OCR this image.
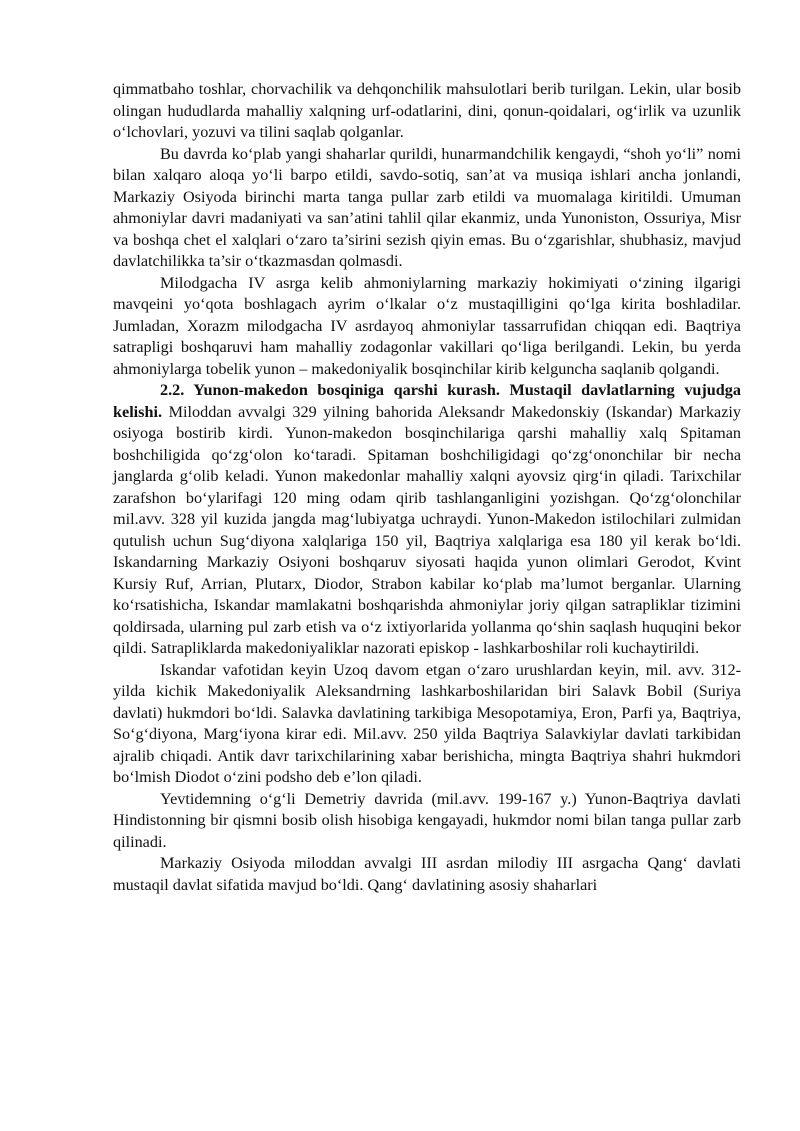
qimmatbaho toshlar, chorvachilik va dehqonchilik mahsulotlari berib turilgan. Lekin, ular bosib olingan hududlarda mahalliy xalqning urf-odatlarini, dini, qonun-qoidalari, og‘irlik va uzunlik o‘lchovlari, yozuvi va tilini saqlab qolganlar.

Bu davrda ko‘plab yangi shaharlar qurildi, hunarmandchilik kengaydi, “shoh yo‘li” nomi bilan xalqaro aloqa yo‘li barpo etildi, savdo-sotiq, san’at va musiqa ishlari ancha jonlandi, Markaziy Osiyoda birinchi marta tanga pullar zarb etildi va muomalaga kiritildi. Umuman ahmoniylar davri madaniyati va san’atini tahlil qilar ekanmiz, unda Yunoniston, Ossuriya, Misr va boshqa chet el xalqlari o‘zaro ta’sirini sezish qiyin emas. Bu o‘zgarishlar, shubhasiz, mavjud davlatchilikka ta’sir o‘tkazmasdan qolmasdi.

Milodgacha IV asrga kelib ahmoniylarning markaziy hokimiyati o‘zining ilgarigi mavqeini yo‘qota boshlagach ayrim o‘lkalar o‘z mustaqilligini qo‘lga kirita boshladilar. Jumladan, Xorazm milodgacha IV asrdayoq ahmoniylar tassarrufidan chiqqan edi. Baqtriya satrapligi boshqaruvi ham mahalliy zodagonlar vakillari qo‘liga berilgandi. Lekin, bu yerda ahmoniylarga tobelik yunon – makedoniyalik bosqinchilar kirib kelguncha saqlanib qolgandi.

2.2. Yunon-makedon bosqiniga qarshi kurash. Mustaqil davlatlarning vujudga kelishi. Miloddan avvalgi 329 yilning bahorida Aleksandr Makedonskiy (Iskandar) Markaziy osiyoga bostirib kirdi. Yunon-makedon bosqinchilariga qarshi mahalliy xalq Spitaman boshchiligida qo‘zg‘olon ko‘taradi. Spitaman boshchiligidagi qo‘zg‘ononchilar bir necha janglarda g‘olib keladi. Yunon makedonlar mahalliy xalqni ayovsiz qirg‘in qiladi. Tarixchilar zarafshon bo‘ylarifagi 120 ming odam qirib tashlanganligini yozishgan. Qo‘zg‘olonchilar mil.avv. 328 yil kuzida jangda mag‘lubiyatga uchraydi. Yunon-Makedon istilochilari zulmidan qutulish uchun Sug‘diyona xalqlariga 150 yil, Baqtriya xalqlariga esa 180 yil kerak bo‘ldi. Iskandarning Markaziy Osiyoni boshqaruv siyosati haqida yunon olimlari Gerodot, Kvint Kursiy Ruf, Arrian, Plutarx, Diodor, Strabon kabilar ko‘plab ma’lumot berganlar. Ularning ko‘rsatishicha, Iskandar mamlakatni boshqarishda ahmoniylar joriy qilgan satrapliklar tizimini qoldirsada, ularning pul zarb etish va o‘z ixtiyorlarida yollanma qo‘shin saqlash huquqini bekor qildi. Satrapliklarda makedoniyaliklar nazorati episkop - lashkarboshilar roli kuchaytirildi.

Iskandar vafotidan keyin Uzoq davom etgan o‘zaro urushlardan keyin, mil. avv. 312-yilda kichik Makedoniyalik Aleksandrning lashkarboshilaridan biri Salavk Bobil (Suriya davlati) hukmdori bo‘ldi. Salavka davlatining tarkibiga Mesopotamiya, Eron, Parfi ya, Baqtriya, So‘g‘diyona, Marg‘iyona kirar edi. Mil.avv. 250 yilda Baqtriya Salavkiylar davlati tarkibidan ajralib chiqadi. Antik davr tarixchilarining xabar berishicha, mingta Baqtriya shahri hukmdori bo‘lmish Diodot o‘zini podsho deb e’lon qiladi.

Yevtidemning o‘g‘li Demetriy davrida (mil.avv. 199-167 y.) Yunon-Baqtriya davlati Hindistonning bir qismni bosib olish hisobiga kengayadi, hukmdor nomi bilan tanga pullar zarb qilinadi.

Markaziy Osiyoda miloddan avvalgi III asrdan milodiy III asrgacha Qang‘ davlati mustaqil davlat sifatida mavjud bo‘ldi. Qang‘ davlatining asosiy shaharlari
